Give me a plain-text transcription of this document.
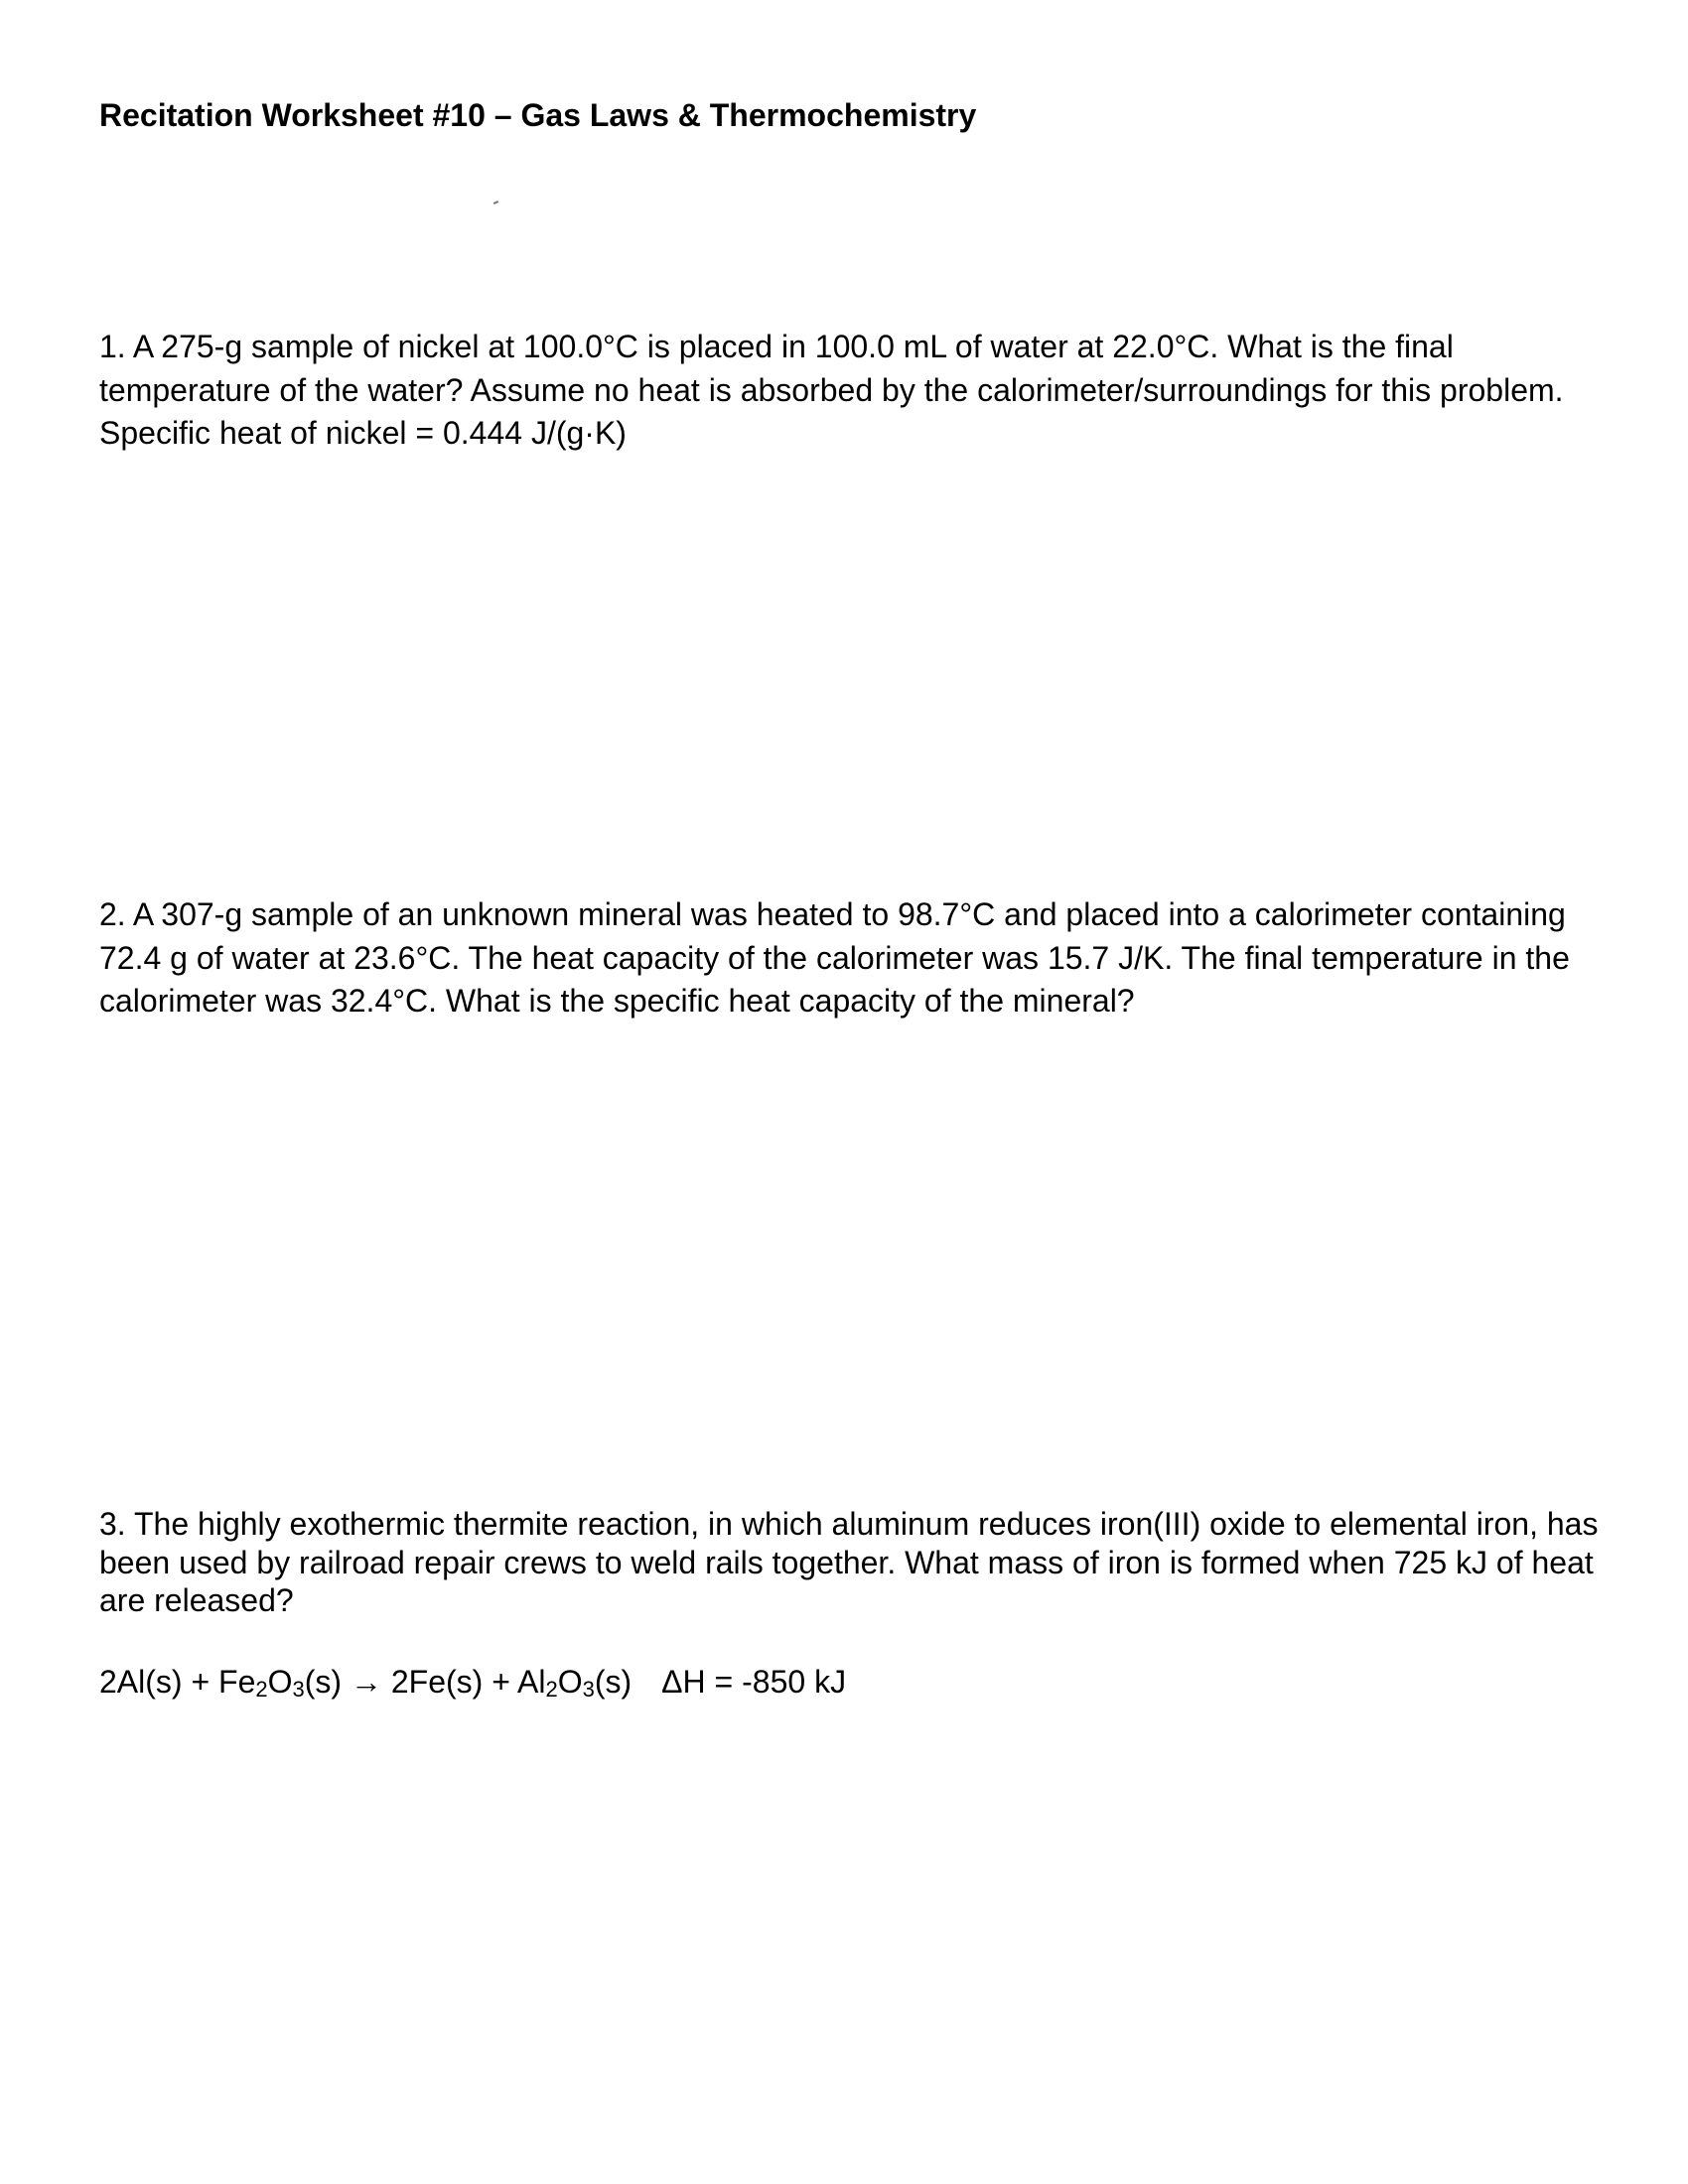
Recitation Worksheet #10 – Gas Laws & Thermochemistry

1. A 275-g sample of nickel at 100.0°C is placed in 100.0 mL of water at 22.0°C. What is the final temperature of the water? Assume no heat is absorbed by the calorimeter/surroundings for this problem. Specific heat of nickel = 0.444 J/(g·K)

2. A 307-g sample of an unknown mineral was heated to 98.7°C and placed into a calorimeter containing 72.4 g of water at 23.6°C. The heat capacity of the calorimeter was 15.7 J/K. The final temperature in the calorimeter was 32.4°C. What is the specific heat capacity of the mineral?

3. The highly exothermic thermite reaction, in which aluminum reduces iron(III) oxide to elemental iron, has been used by railroad repair crews to weld rails together. What mass of iron is formed when 725 kJ of heat are released?

$2Al(s) + Fe_2O_3(s) \to 2Fe(s) + Al_2O_3(s) \Delta H = -850$ kJ
